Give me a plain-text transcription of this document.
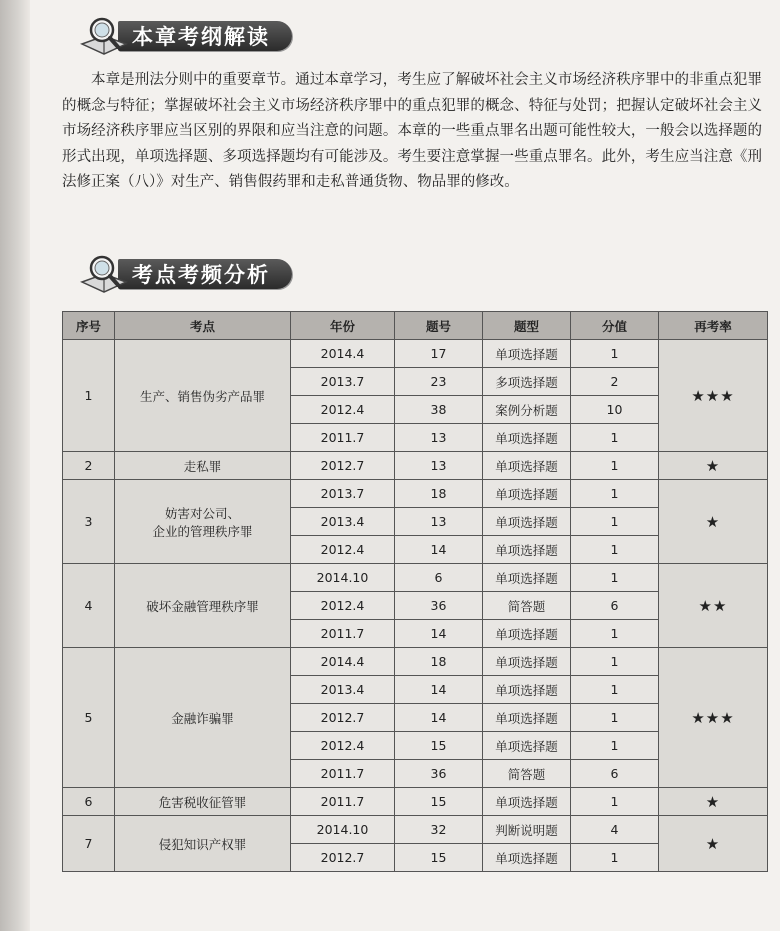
本章考纲解读

本章是刑法分则中的重要章节。通过本章学习，考生应了解破坏社会主义市场经济秩序罪中的非重点犯罪的概念与特征；掌握破坏社会主义市场经济秩序罪中的重点犯罪的概念、特征与处罚；把握认定破坏社会主义市场经济秩序罪应当区别的界限和应当注意的问题。本章的一些重点罪名出题可能性较大，一般会以选择题的形式出现，单项选择题、多项选择题均有可能涉及。考生要注意掌握一些重点罪名。此外，考生应当注意《刑法修正案（八）》对生产、销售假药罪和走私普通货物、物品罪的修改。

考点考频分析
序号	考点	年份	题号	题型	分值	再考率
1	生产、销售伪劣产品罪	2014.4	17	单项选择题	1	★★★
		2013.7	23	多项选择题	2	
		2012.4	38	案例分析题	10	
		2011.7	13	单项选择题	1	
2	走私罪	2012.7	13	单项选择题	1	★
3	妨害对公司、
企业的管理秩序罪	2013.7	18	单项选择题	1	★
		2013.4	13	单项选择题	1	
		2012.4	14	单项选择题	1	
4	破坏金融管理秩序罪	2014.10	6	单项选择题	1	★★
		2012.4	36	简答题	6	
		2011.7	14	单项选择题	1	
5	金融诈骗罪	2014.4	18	单项选择题	1	★★★
		2013.4	14	单项选择题	1	
		2012.7	14	单项选择题	1	
		2012.4	15	单项选择题	1	
		2011.7	36	简答题	6	
6	危害税收征管罪	2011.7	15	单项选择题	1	★
7	侵犯知识产权罪	2014.10	32	判断说明题	4	★
		2012.7	15	单项选择题	1	
